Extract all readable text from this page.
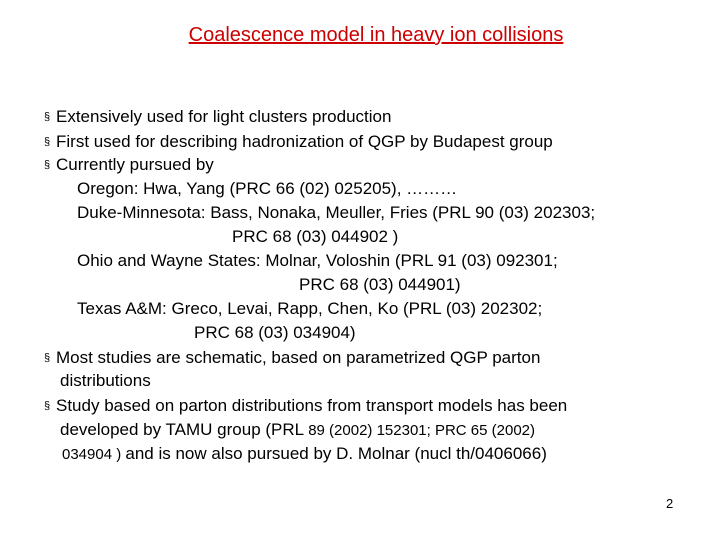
Coalescence model in heavy ion collisions
§ Extensively used for light clusters production
§ First used for describing hadronization of QGP by Budapest group
§ Currently pursued by
Oregon: Hwa, Yang (PRC 66 (02) 025205), ………
Duke-Minnesota: Bass, Nonaka, Meuller, Fries (PRL 90 (03) 202303;
PRC 68 (03) 044902 )
Ohio and Wayne States: Molnar, Voloshin (PRL 91 (03) 092301;
PRC 68 (03) 044901)
Texas A&M: Greco, Levai, Rapp, Chen, Ko (PRL (03) 202302;
PRC 68 (03) 034904)
§ Most studies are schematic, based on parametrized QGP parton
distributions
§ Study based on parton distributions from transport models has been
developed by TAMU group (PRL 89 (2002) 152301; PRC 65 (2002)
034904 ) and is now also pursued by D. Molnar (nucl th/0406066)
2
